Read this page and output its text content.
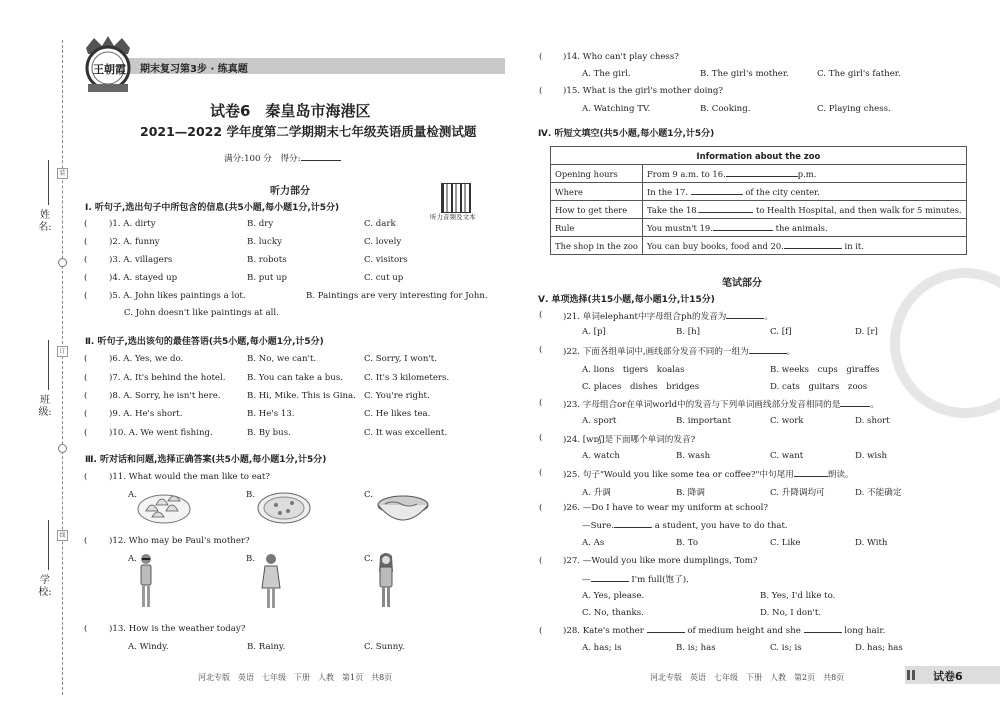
装
订
线
姓名:
班级:
学校:
期末复习第3步 · 练真题
王朝霞
试卷6　秦皇岛市海港区
2021—2022 学年度第二学期期末七年级英语质量检测试题
满分:100 分　得分:
听力部分
听力音频及文本
Ⅰ. 听句子,选出句子中所包含的信息(共5小题,每小题1分,计5分)
(	)1. A. dirty	B. dry	C. dark
(	)2. A. funny	B. lucky	C. lovely
(	)3. A. villagers	B. robots	C. visitors
(	)4. A. stayed up	B. put up	C. cut up
(	)5. A. John likes paintings a lot.	B. Paintings are very interesting for John.
C. John doesn't like paintings at all.
Ⅱ. 听句子,选出该句的最佳答语(共5小题,每小题1分,计5分)
(	)6. A. Yes, we do.	B. No, we can't.	C. Sorry, I won't.
(	)7. A. It's behind the hotel.	B. You can take a bus. C. It's 3 kilometers.
(	)8. A. Sorry, he isn't here.	B. Hi, Mike. This is Gina. C. You're right.
(	)9. A. He's short.	B. He's 13.	C. He likes tea.
(	)10. A. We went fishing.	B. By bus.	C. It was excellent.
Ⅲ. 听对话和问题,选择正确答案(共5小题,每小题1分,计5分)
(	)11. What would the man like to eat?
A.	B.	C.
(	)12. Who may be Paul's mother?
A.	B.	C.
(	)13. How is the weather today?
A. Windy.	B. Rainy.	C. Sunny.
( )14. Who can't play chess?
A. The girl.	B. The girl's mother.	C. The girl's father.
( )15. What is the girl's mother doing?
A. Watching TV.	B. Cooking.	C. Playing chess.
Ⅳ. 听短文填空(共5小题,每小题1分,计5分)
Information about the zoo	
Opening hours	From 9 a.m. to 16. p.m.
Where	In the 17. of the city center.
How to get there	Take the 18. to Health Hospital, and then walk for 5 minutes.
Rule	You mustn't 19. the animals.
The shop in the zoo	You can buy books, food and 20. in it.
笔试部分
Ⅴ. 单项选择(共15小题,每小题1分,计15分)
( )21. 单词elephant中字母组合ph的发音为	。
A. [p]	B. [h]	C. [f]	D. [r]
( )22. 下面各组单词中,画线部分发音不同的一组为	。
A. lions　tigers　koalas	B. weeks　cups　giraffes
C. places　dishes　bridges	D. cats　guitars　zoos
( )23. 字母组合or在单词world中的发音与下列单词画线部分发音相同的是	。
A. sport	B. important	C. work	D. short
( )24. [wɒʃ]是下面哪个单词的发音?
A. watch	B. wash	C. want	D. wish
( )25. 句子"Would you like some tea or coffee?"中句尾用	朗读。
A. 升调	B. 降调	C. 升降调均可	D. 不能确定
( )26. —Do I have to wear my uniform at school?
—Sure.	a student, you have to do that.
A. As	B. To	C. Like	D. With
( )27. —Would you like more dumplings, Tom?
—	I'm full(饱了).
A. Yes, please.	B. Yes, I'd like to.
C. No, thanks.	D. No, I don't.
( )28. Kate's mother	of medium height and she	long hair.
A. has; is	B. is; has	C. is; is	D. has; has
河北专版　英语　七年级　下册　人教　第1页　共8页	河北专版　英语　七年级　下册　人教　第2页　共8页	试卷6
